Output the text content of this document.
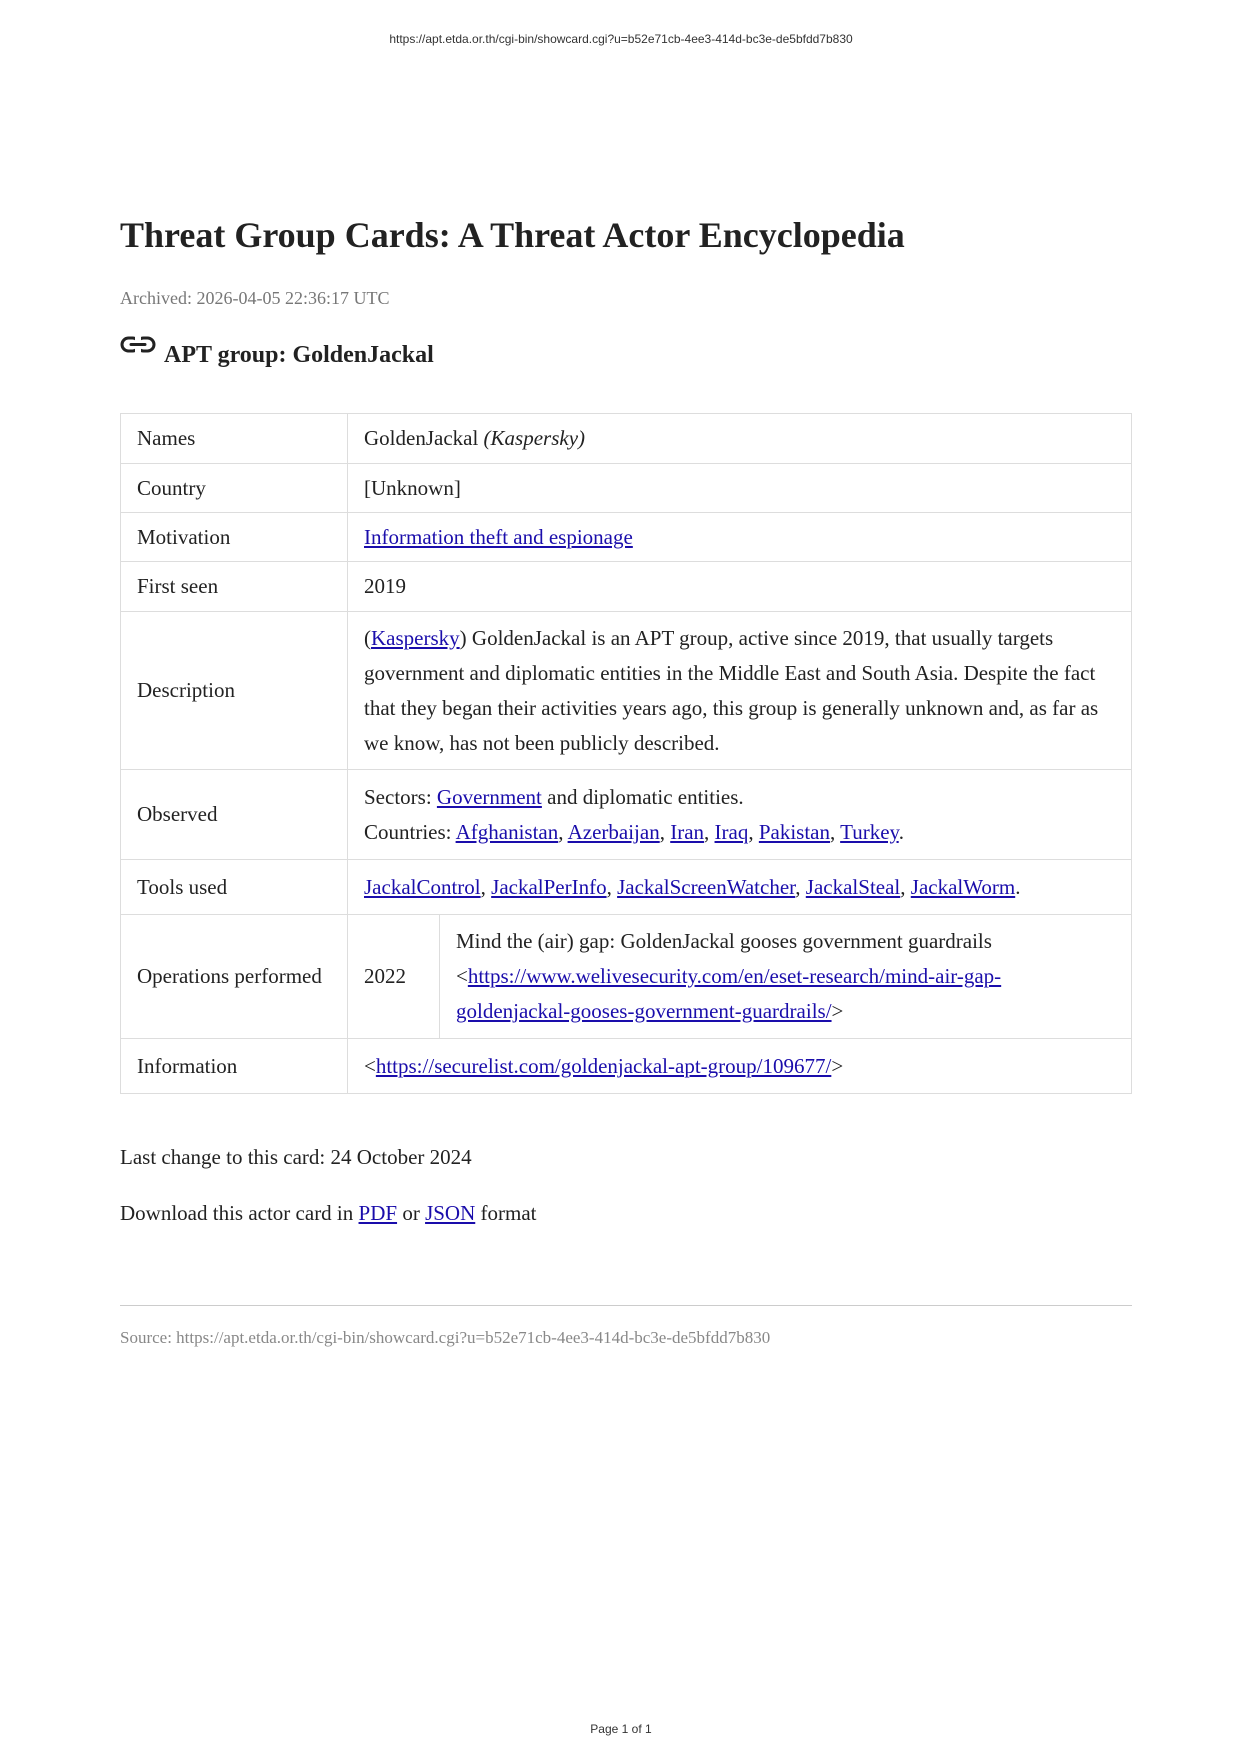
https://apt.etda.or.th/cgi-bin/showcard.cgi?u=b52e71cb-4ee3-414d-bc3e-de5bfdd7b830
Threat Group Cards: A Threat Actor Encyclopedia
Archived: 2026-04-05 22:36:17 UTC
APT group: GoldenJackal
Names	GoldenJackal (Kaspersky)	
Country	[Unknown]	
Motivation	Information theft and espionage	
First seen	2019	
Description	(Kaspersky) GoldenJackal is an APT group, active since 2019, that usually targets government and diplomatic entities in the Middle East and South Asia. Despite the fact that they began their activities years ago, this group is generally unknown and, as far as we know, has not been publicly described.	
Observed	Sectors: Government and diplomatic entities.
Countries: Afghanistan, Azerbaijan, Iran, Iraq, Pakistan, Turkey.	

Tools used	JackalControl, JackalPerInfo, JackalScreenWatcher, JackalSteal, JackalWorm.	
Operations performed	2022	Mind the (air) gap: GoldenJackal gooses government guardrails
<https://www.welivesecurity.com/en/eset-research/mind-air-gap-goldenjackal-gooses-government-guardrails/>
Information	<https://securelist.com/goldenjackal-apt-group/109677/>	
Last change to this card: 24 October 2024
Download this actor card in PDF or JSON format
Source: https://apt.etda.or.th/cgi-bin/showcard.cgi?u=b52e71cb-4ee3-414d-bc3e-de5bfdd7b830
Page 1 of 1
